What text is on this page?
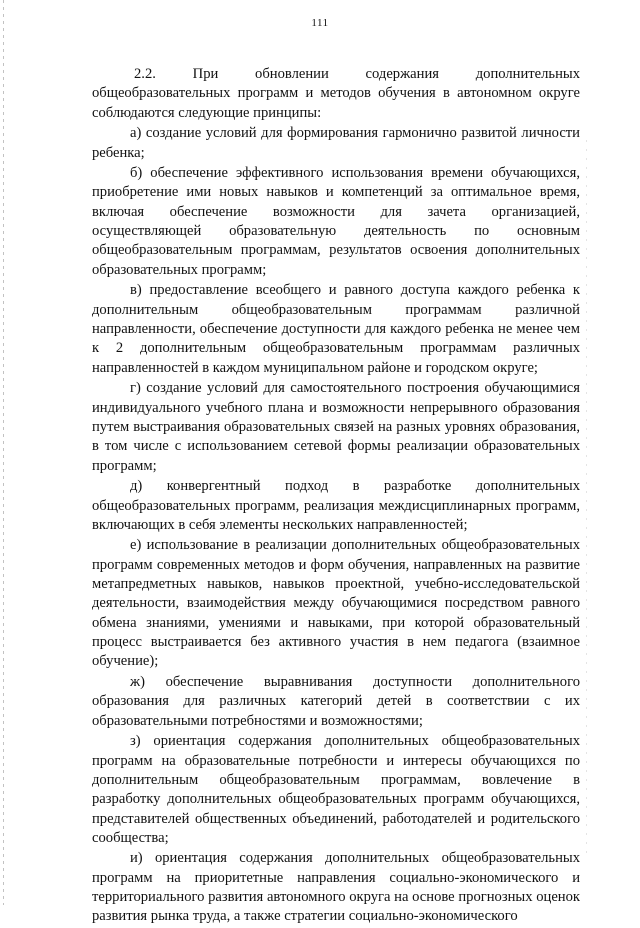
111

2.2. При обновлении содержания дополнительных общеобразовательных программ и методов обучения в автономном округе соблюдаются следующие принципы:

а) создание условий для формирования гармонично развитой личности ребенка;

б) обеспечение эффективного использования времени обучающихся, приобретение ими новых навыков и компетенций за оптимальное время, включая обеспечение возможности для зачета организацией, осуществляющей образовательную деятельность по основным общеобразовательным программам, результатов освоения дополнительных образовательных программ;

в) предоставление всеобщего и равного доступа каждого ребенка к дополнительным общеобразовательным программам различной направленности, обеспечение доступности для каждого ребенка не менее чем к 2 дополнительным общеобразовательным программам различных направленностей в каждом муниципальном районе и городском округе;

г) создание условий для самостоятельного построения обучающимися индивидуального учебного плана и возможности непрерывного образования путем выстраивания образовательных связей на разных уровнях образования, в том числе с использованием сетевой формы реализации образовательных программ;

д) конвергентный подход в разработке дополнительных общеобразовательных программ, реализация междисциплинарных программ, включающих в себя элементы нескольких направленностей;

е) использование в реализации дополнительных общеобразовательных программ современных методов и форм обучения, направленных на развитие метапредметных навыков, навыков проектной, учебно-исследовательской деятельности, взаимодействия между обучающимися посредством равного обмена знаниями, умениями и навыками, при которой образовательный процесс выстраивается без активного участия в нем педагога (взаимное обучение);

ж) обеспечение выравнивания доступности дополнительного образования для различных категорий детей в соответствии с их образовательными потребностями и возможностями;

з) ориентация содержания дополнительных общеобразовательных программ на образовательные потребности и интересы обучающихся по дополнительным общеобразовательным программам, вовлечение в разработку дополнительных общеобразовательных программ обучающихся, представителей общественных объединений, работодателей и родительского сообщества;

и) ориентация содержания дополнительных общеобразовательных программ на приоритетные направления социально-экономического и территориального развития автономного округа на основе прогнозных оценок развития рынка труда, а также стратегии социально-экономического
